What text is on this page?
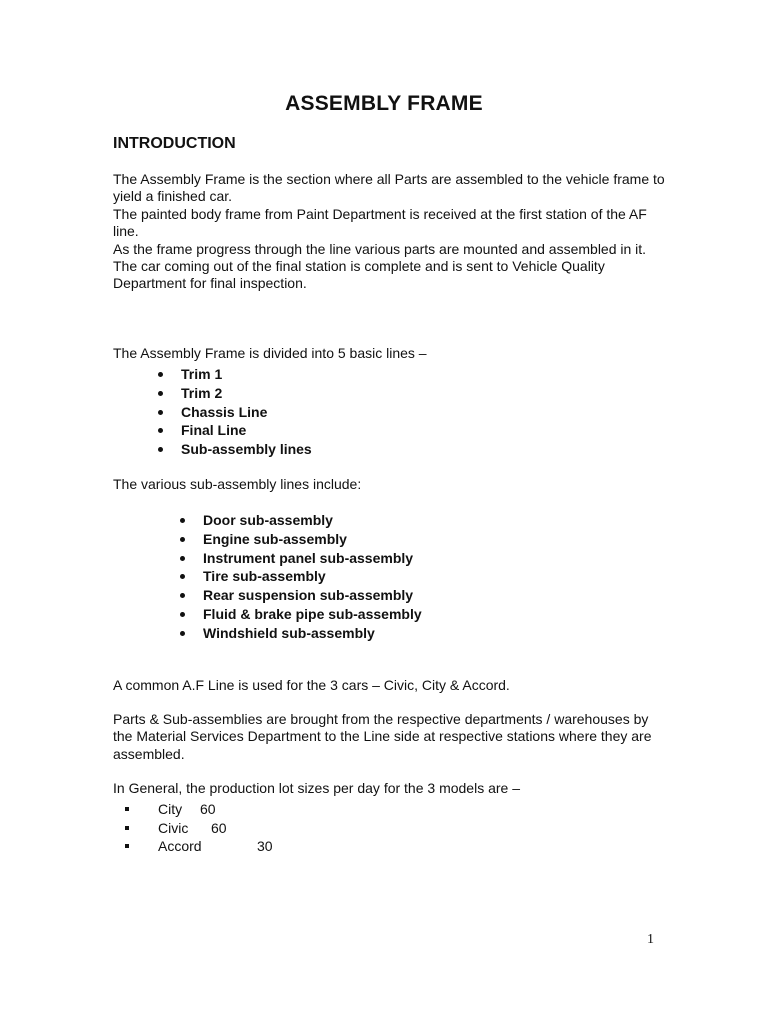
ASSEMBLY FRAME
INTRODUCTION

The Assembly Frame is the section where all Parts are assembled to the vehicle frame to yield a finished car.

The painted body frame from Paint Department is received at the first station of the AF line.

As the frame progress through the line various parts are mounted and assembled in it.

The car coming out of the final station is complete and is sent to Vehicle Quality Department for final inspection.

The Assembly Frame is divided into 5 basic lines –
Trim 1
Trim 2
Chassis Line
Final Line
Sub-assembly lines
The various sub-assembly lines include:
Door sub-assembly
Engine sub-assembly
Instrument panel sub-assembly
Tire sub-assembly
Rear suspension sub-assembly
Fluid & brake pipe sub-assembly
Windshield sub-assembly
A common A.F Line is used for the 3 cars – Civic, City & Accord.
Parts & Sub-assemblies are brought from the respective departments / warehouses by the Material Services Department to the Line side at respective stations where they are assembled.
In General, the production lot sizes per day for the 3 models are –
City 60
Civic 60
Accord	30
1
